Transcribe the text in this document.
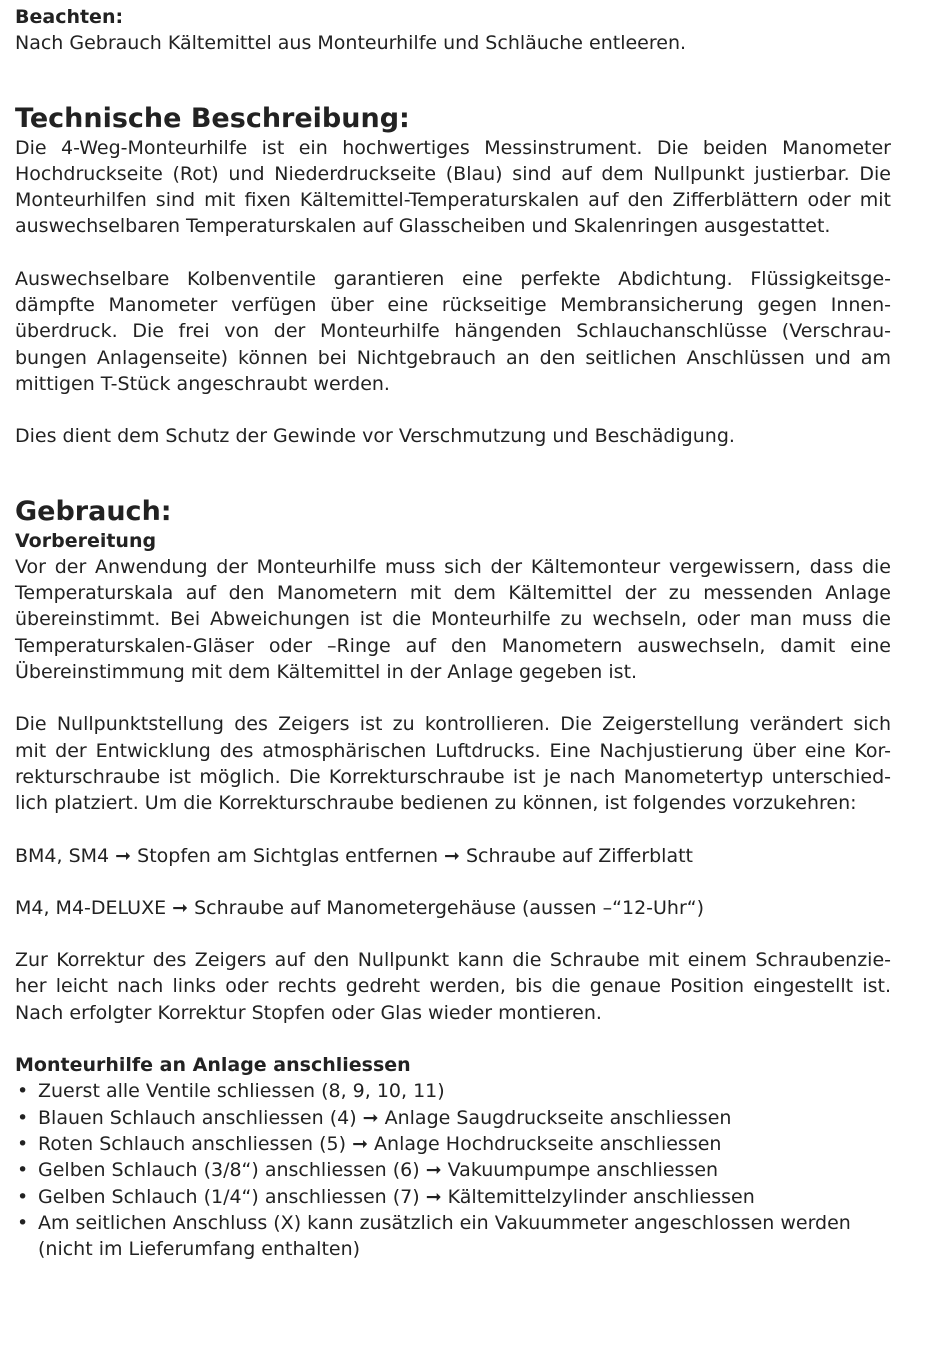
Beachten:
Nach Gebrauch Kältemittel aus Monteurhilfe und Schläuche entleeren.
Technische Beschreibung:
Die 4-Weg-Monteurhilfe ist ein hochwertiges Messinstrument. Die beiden Manometer
Hochdruckseite (Rot) und Niederdruckseite (Blau) sind auf dem Nullpunkt justierbar. Die
Monteurhilfen sind mit fixen Kältemittel-Temperaturskalen auf den Zifferblättern oder mit
auswechselbaren Temperaturskalen auf Glasscheiben und Skalenringen ausgestattet.
Auswechselbare Kolbenventile garantieren eine perfekte Abdichtung. Flüssigkeitsge-
dämpfte Manometer verfügen über eine rückseitige Membransicherung gegen Innen-
überdruck. Die frei von der Monteurhilfe hängenden Schlauchanschlüsse (Verschrau-
bungen Anlagenseite) können bei Nichtgebrauch an den seitlichen Anschlüssen und am
mittigen T-Stück angeschraubt werden.
Dies dient dem Schutz der Gewinde vor Verschmutzung und Beschädigung.
Gebrauch:
Vorbereitung
Vor der Anwendung der Monteurhilfe muss sich der Kältemonteur vergewissern, dass die
Temperaturskala auf den Manometern mit dem Kältemittel der zu messenden Anlage
übereinstimmt. Bei Abweichungen ist die Monteurhilfe zu wechseln, oder man muss die
Temperaturskalen-Gläser oder –Ringe auf den Manometern auswechseln, damit eine
Übereinstimmung mit dem Kältemittel in der Anlage gegeben ist.
Die Nullpunktstellung des Zeigers ist zu kontrollieren. Die Zeigerstellung verändert sich
mit der Entwicklung des atmosphärischen Luftdrucks. Eine Nachjustierung über eine Kor-
rekturschraube ist möglich. Die Korrekturschraube ist je nach Manometertyp unterschied-
lich platziert. Um die Korrekturschraube bedienen zu können, ist folgendes vorzukehren:
BM4, SM4 ➞ Stopfen am Sichtglas entfernen ➞ Schraube auf Zifferblatt
M4, M4-DELUXE ➞ Schraube auf Manometergehäuse (aussen –“12-Uhr“)
Zur Korrektur des Zeigers auf den Nullpunkt kann die Schraube mit einem Schraubenzie-
her leicht nach links oder rechts gedreht werden, bis die genaue Position eingestellt ist.
Nach erfolgter Korrektur Stopfen oder Glas wieder montieren.
Monteurhilfe an Anlage anschliessen
• Zuerst alle Ventile schliessen (8, 9, 10, 11)
• Blauen Schlauch anschliessen (4) ➞ Anlage Saugdruckseite anschliessen
• Roten Schlauch anschliessen (5) ➞ Anlage Hochdruckseite anschliessen
• Gelben Schlauch (3/8“) anschliessen (6) ➞ Vakuumpumpe anschliessen
• Gelben Schlauch (1/4“) anschliessen (7) ➞ Kältemittelzylinder anschliessen
• Am seitlichen Anschluss (X) kann zusätzlich ein Vakuummeter angeschlossen werden
(nicht im Lieferumfang enthalten)
